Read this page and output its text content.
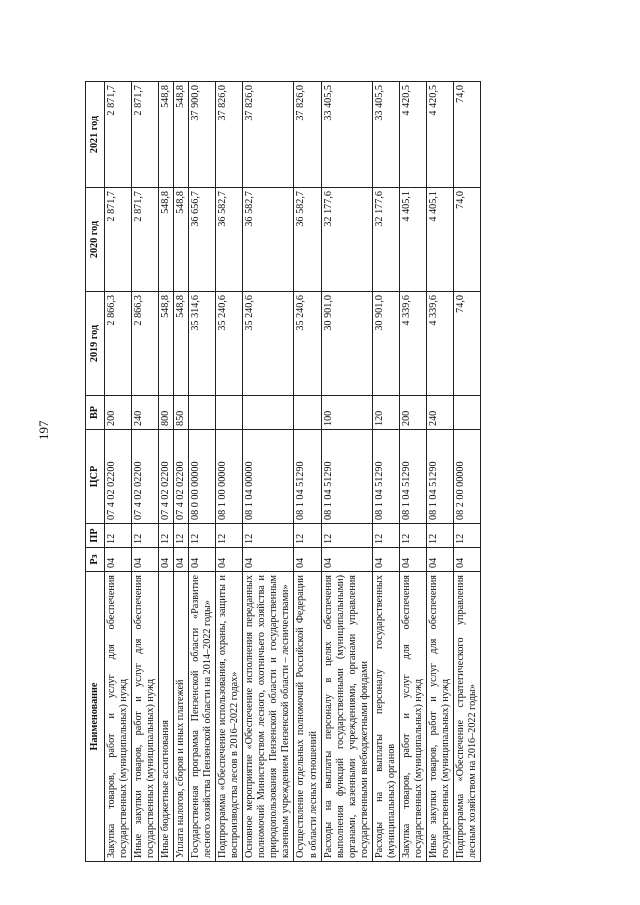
197
Наименование	Рз	ПР	ЦСР	ВР	2019 год	2020 год	2021 год
Закупка товаров, работ и услуг для обеспечения государственных (муниципальных) нужд	04	12	07 4 02 02200	200	2 866,3	2 871,7	2 871,7
Иные закупки товаров, работ и услуг для обеспечения государственных (муниципальных) нужд	04	12	07 4 02 02200	240	2 866,3	2 871,7	2 871,7
Иные бюджетные ассигнования	04	12	07 4 02 02200	800	548,8	548,8	548,8
Уплата налогов, сборов и иных платежей	04	12	07 4 02 02200	850	548,8	548,8	548,8
Государственная программа Пензенской области «Развитие лесного хозяйства Пензенской области на 2014–2022 годы»	04	12	08 0 00 00000		35 314,6	36 656,7	37 900,0
Подпрограмма «Обеспечение использования, охраны, защиты и воспроизводства лесов в 2016–2022 годах»	04	12	08 1 00 00000		35 240,6	36 582,7	37 826,0
Основное мероприятие «Обеспечение исполнения переданных полномочий Министерством лесного, охотничьего хозяйства и природопользования Пензенской области и государственным казенным учреждением Пензенской области – лесничествами»	04	12	08 1 04 00000		35 240,6	36 582,7	37 826,0
Осуществление отдельных полномочий Российской Федерации в области лесных отношений	04	12	08 1 04 51290		35 240,6	36 582,7	37 826,0
Расходы на выплаты персоналу в целях обеспечения выполнения функций государственными (муниципальными) органами, казенными учреждениями, органами управления государственными внебюджетными фондами	04	12	08 1 04 51290	100	30 901,0	32 177,6	33 405,5
Расходы на выплаты персоналу государственных (муниципальных) органов	04	12	08 1 04 51290	120	30 901,0	32 177,6	33 405,5
Закупка товаров, работ и услуг для обеспечения государственных (муниципальных) нужд	04	12	08 1 04 51290	200	4 339,6	4 405,1	4 420,5
Иные закупки товаров, работ и услуг для обеспечения государственных (муниципальных) нужд	04	12	08 1 04 51290	240	4 339,6	4 405,1	4 420,5
Подпрограмма «Обеспечение стратегического управления лесным хозяйством на 2016–2022 годы»	04	12	08 2 00 00000		74,0	74,0	74,0
